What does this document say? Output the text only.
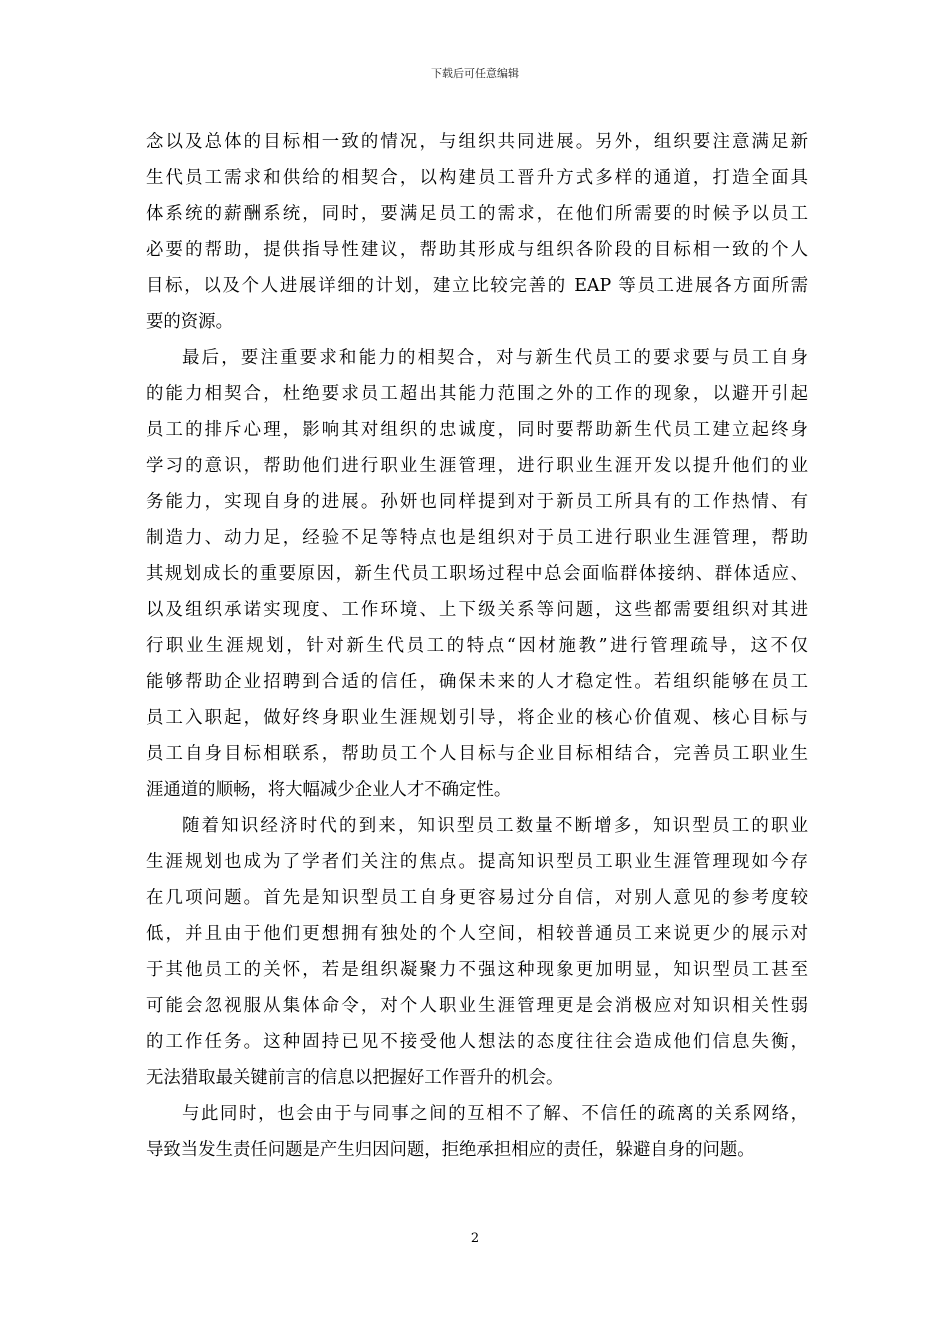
下载后可任意编辑
念以及总体的目标相一致的情况，与组织共同进展。另外，组织要注意满足新
生代员工需求和供给的相契合，以构建员工晋升方式多样的通道，打造全面具
体系统的薪酬系统，同时，要满足员工的需求，在他们所需要的时候予以员工
必要的帮助，提供指导性建议，帮助其形成与组织各阶段的目标相一致的个人
目标，以及个人进展详细的计划，建立比较完善的 EAP 等员工进展各方面所需
要的资源。
最后，要注重要求和能力的相契合，对与新生代员工的要求要与员工自身
的能力相契合，杜绝要求员工超出其能力范围之外的工作的现象，以避开引起
员工的排斥心理，影响其对组织的忠诚度，同时要帮助新生代员工建立起终身
学习的意识，帮助他们进行职业生涯管理，进行职业生涯开发以提升他们的业
务能力，实现自身的进展。孙妍也同样提到对于新员工所具有的工作热情、有
制造力、动力足，经验不足等特点也是组织对于员工进行职业生涯管理，帮助
其规划成长的重要原因，新生代员工职场过程中总会面临群体接纳、群体适应、
以及组织承诺实现度、工作环境、上下级关系等问题，这些都需要组织对其进
行职业生涯规划，针对新生代员工的特点“因材施教”进行管理疏导，这不仅
能够帮助企业招聘到合适的信任，确保未来的人才稳定性。若组织能够在员工
员工入职起，做好终身职业生涯规划引导，将企业的核心价值观、核心目标与
员工自身目标相联系，帮助员工个人目标与企业目标相结合，完善员工职业生
涯通道的顺畅，将大幅减少企业人才不确定性。
随着知识经济时代的到来，知识型员工数量不断增多，知识型员工的职业
生涯规划也成为了学者们关注的焦点。提高知识型员工职业生涯管理现如今存
在几项问题。首先是知识型员工自身更容易过分自信，对别人意见的参考度较
低，并且由于他们更想拥有独处的个人空间，相较普通员工来说更少的展示对
于其他员工的关怀，若是组织凝聚力不强这种现象更加明显，知识型员工甚至
可能会忽视服从集体命令，对个人职业生涯管理更是会消极应对知识相关性弱
的工作任务。这种固持已见不接受他人想法的态度往往会造成他们信息失衡，
无法猎取最关键前言的信息以把握好工作晋升的机会。
与此同时，也会由于与同事之间的互相不了解、不信任的疏离的关系网络，
导致当发生责任问题是产生归因问题，拒绝承担相应的责任，躲避自身的问题。
2
